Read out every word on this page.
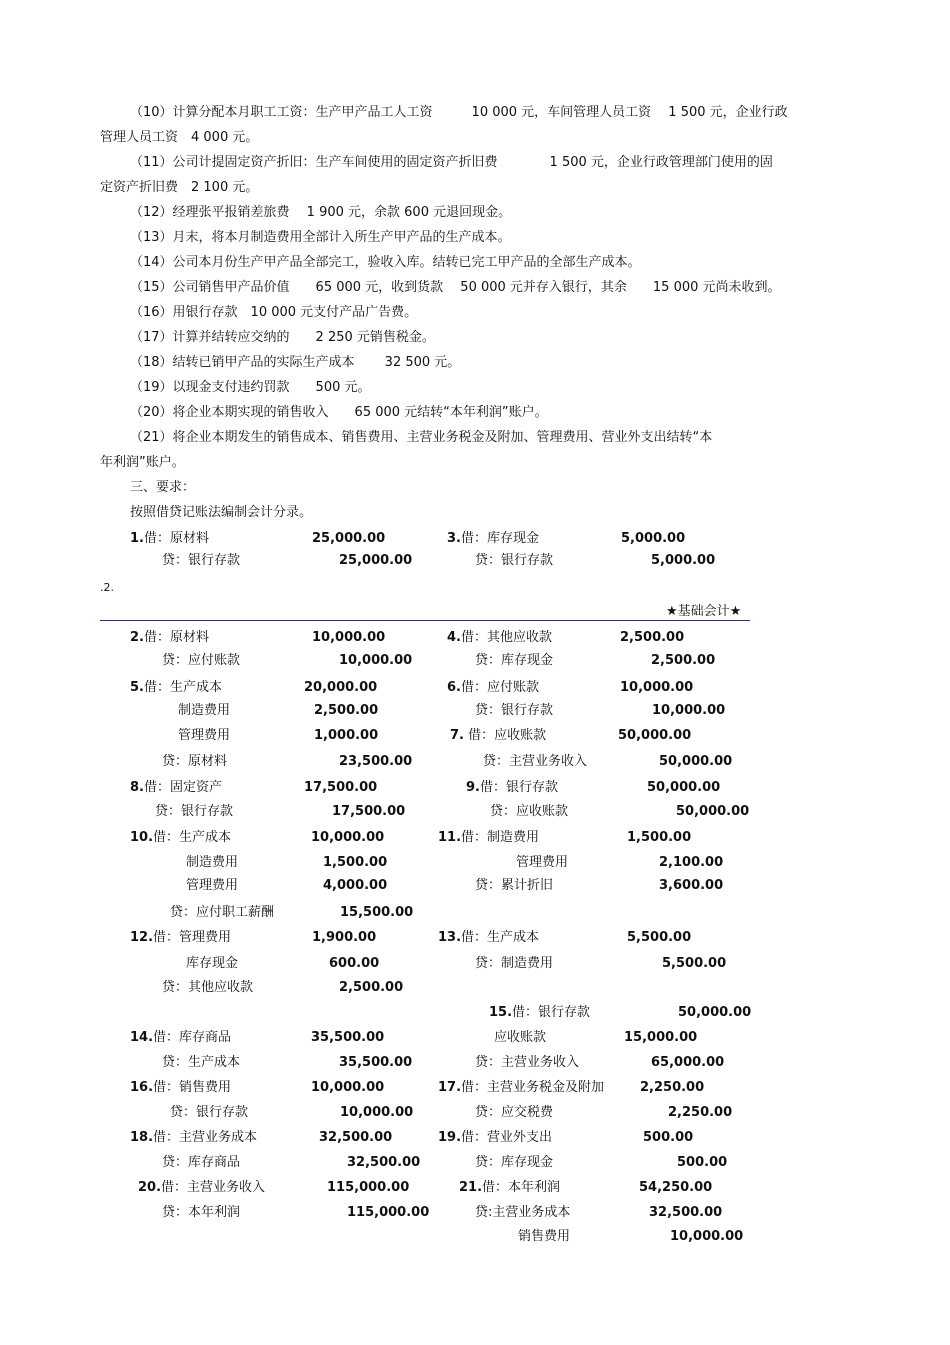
（10）计算分配本月职工工资：生产甲产品工人工资　　　10 000 元，车间管理人员工资　 1 500 元，企业行政
管理人员工资　4 000 元。
（11）公司计提固定资产折旧：生产车间使用的固定资产折旧费　　　　1 500 元，企业行政管理部门使用的固
定资产折旧费　2 100 元。
（12）经理张平报销差旅费　 1 900 元，余款 600 元退回现金。
（13）月末，将本月制造费用全部计入所生产甲产品的生产成本。
（14）公司本月份生产甲产品全部完工，验收入库。结转已完工甲产品的全部生产成本。
（15）公司销售甲产品价值　　65 000 元，收到货款　 50 000 元并存入银行，其余　　15 000 元尚未收到。
（16）用银行存款　10 000 元支付产品广告费。
（17）计算并结转应交纳的　　2 250 元销售税金。
（18）结转已销甲产品的实际生产成本　　 32 500 元。
（19）以现金支付违约罚款　　500 元。
（20）将企业本期实现的销售收入　　65 000 元结转“本年利润”账户。
（21）将企业本期发生的销售成本、销售费用、主营业务税金及附加、管理费用、营业外支出结转“本
年利润”账户。
三、要求：
按照借贷记账法编制会计分录。
1.借：原材料	25,000.00
贷：银行存款	25,000.00
3.借：库存现金	5,000.00
贷：银行存款	5,000.00
2.借：原材料	10,000.00
贷：应付账款	10,000.00
4.借：其他应收款	2,500.00
贷：库存现金	2,500.00
5.借：生产成本	20,000.00
制造费用	2,500.00
管理费用	1,000.00
贷：原材料	23,500.00
6.借：应付账款	10,000.00
贷：银行存款	10,000.00
7. 借：应收账款	50,000.00
贷：主营业务收入	50,000.00
8.借：固定资产	17,500.00
贷：银行存款	17,500.00
9.借：银行存款	50,000.00
贷：应收账款	50,000.00
10.借：生产成本	10,000.00
制造费用	1,500.00
管理费用	4,000.00
贷：应付职工薪酬	15,500.00
11.借：制造费用	1,500.00
管理费用	2,100.00
贷：累计折旧	3,600.00
12.借：管理费用	1,900.00
库存现金	600.00
贷：其他应收款	2,500.00
13.借：生产成本	5,500.00
贷：制造费用	5,500.00
15.借：银行存款	50,000.00
应收账款	15,000.00
贷：主营业务收入	65,000.00
14.借：库存商品	35,500.00
贷：生产成本	35,500.00
16.借：销售费用	10,000.00
贷：银行存款	10,000.00
17.借：主营业务税金及附加	2,250.00
贷：应交税费	2,250.00
18.借：主营业务成本	32,500.00
贷：库存商品	32,500.00
19.借：营业外支出	500.00
贷：库存现金	500.00
20.借：主营业务收入	115,000.00
贷：本年利润	115,000.00
21.借：本年利润	54,250.00
贷:主营业务成本	32,500.00
销售费用	10,000.00
.2.
★基础会计★
